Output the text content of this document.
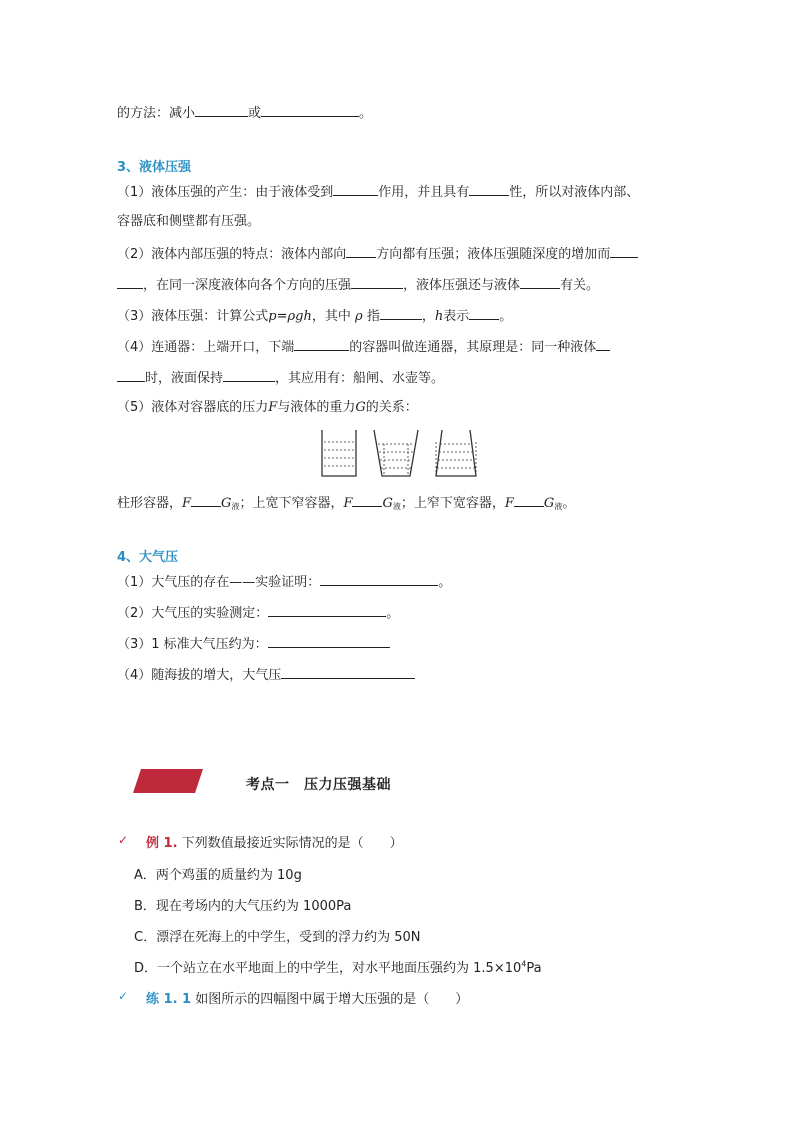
的方法：减小	或	。
3、液体压强
（1）液体压强的产生：由于液体受到	作用，并且具有	性，所以对液体内部、
容器底和侧壁都有压强。
（2）液体内部压强的特点：液体内部向 方向都有压强；液体压强随深度的增加而
，在同一深度液体向各个方向的压强	，液体压强还与液体	有关。
（3）液体压强：计算公式p=ρgh，其中 ρ 指	，h表示 。
（4）连通器：上端开口，下端	的容器叫做连通器，其原理是：同一种液体
时，液面保持	，其应用有：船闸、水壶等。
（5）液体对容器底的压力F与液体的重力G的关系：
柱形容器，F $G_液$；上宽下窄容器，F $G_液$；上窄下宽容器，F $G_液$。
4、大气压
（1）大气压的存在——实验证明：	。
（2）大气压的实验测定：	。
（3）1 标准大气压约为：
（4）随海拔的增大，大气压
考点一　压力压强基础
✓ 例 1. 下列数值最接近实际情况的是（　　）
A．两个鸡蛋的质量约为 10g
B．现在考场内的大气压约为 1000Pa
C．漂浮在死海上的中学生，受到的浮力约为 50N
D．一个站立在水平地面上的中学生，对水平地面压强约为 $1.5\times 10^4Pa$
✓ 练 1. 1 如图所示的四幅图中属于增大压强的是（　　）
